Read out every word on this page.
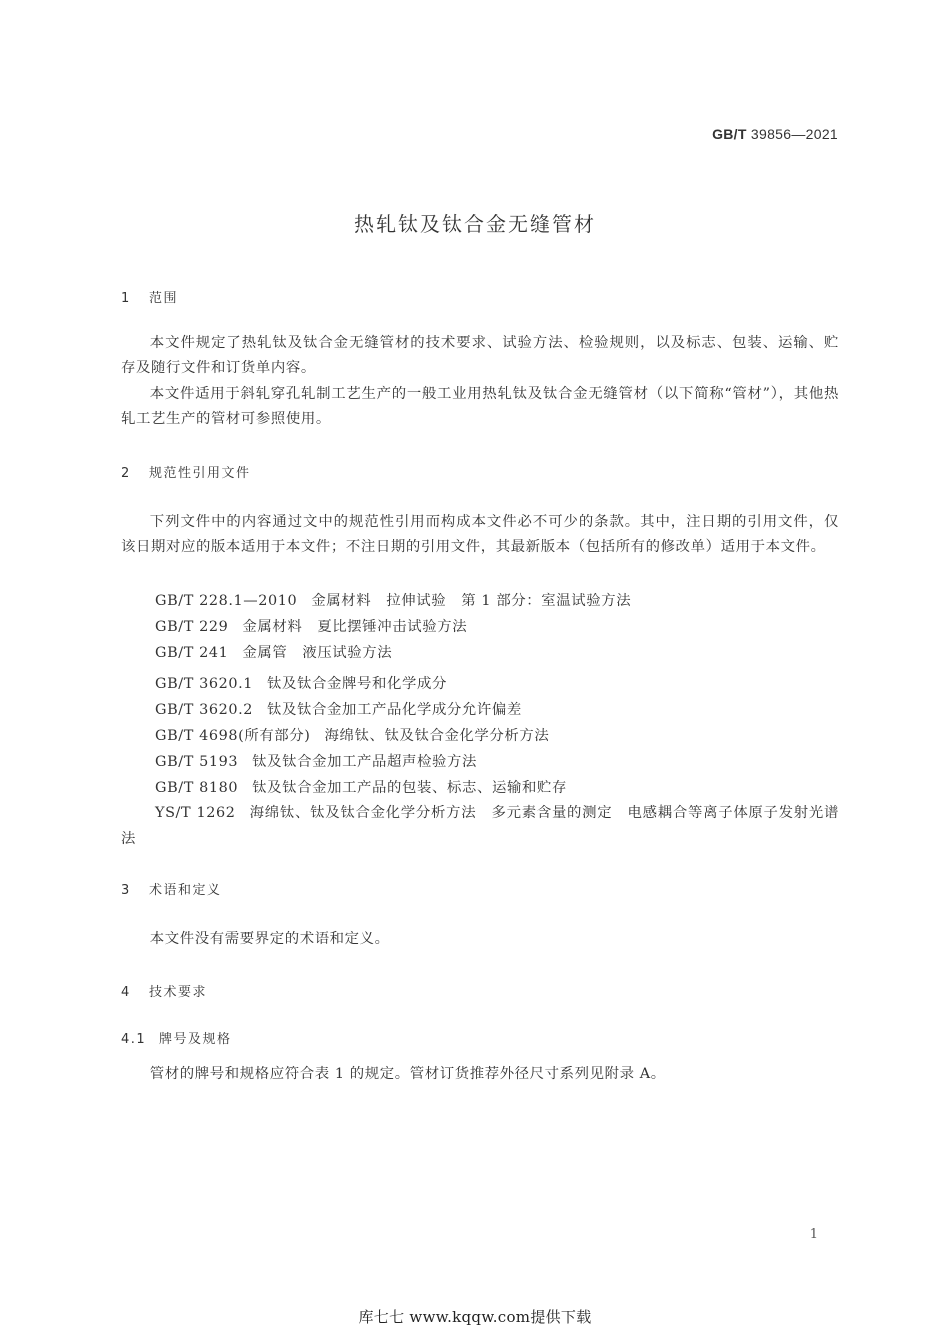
GB/T 39856—2021
热轧钛及钛合金无缝管材
1 范围
本文件规定了热轧钛及钛合金无缝管材的技术要求、试验方法、检验规则，以及标志、包装、运输、贮存及随行文件和订货单内容。
本文件适用于斜轧穿孔轧制工艺生产的一般工业用热轧钛及钛合金无缝管材（以下简称“管材”），其他热轧工艺生产的管材可参照使用。
2 规范性引用文件
下列文件中的内容通过文中的规范性引用而构成本文件必不可少的条款。其中，注日期的引用文件，仅该日期对应的版本适用于本文件；不注日期的引用文件，其最新版本（包括所有的修改单）适用于本文件。
GB/T 228.1—2010 金属材料　拉伸试验　第 1 部分：室温试验方法
GB/T 229 金属材料　夏比摆锤冲击试验方法
GB/T 241 金属管　液压试验方法
GB/T 3620.1 钛及钛合金牌号和化学成分
GB/T 3620.2 钛及钛合金加工产品化学成分允许偏差
GB/T 4698(所有部分) 海绵钛、钛及钛合金化学分析方法
GB/T 5193 钛及钛合金加工产品超声检验方法
GB/T 8180 钛及钛合金加工产品的包装、标志、运输和贮存
YS/T 1262 海绵钛、钛及钛合金化学分析方法　多元素含量的测定　电感耦合等离子体原子发射光谱法
3 术语和定义
本文件没有需要界定的术语和定义。
4 技术要求
4.1 牌号及规格
管材的牌号和规格应符合表 1 的规定。管材订货推荐外径尺寸系列见附录 A。
1
库七七 www.kqqw.com提供下载
